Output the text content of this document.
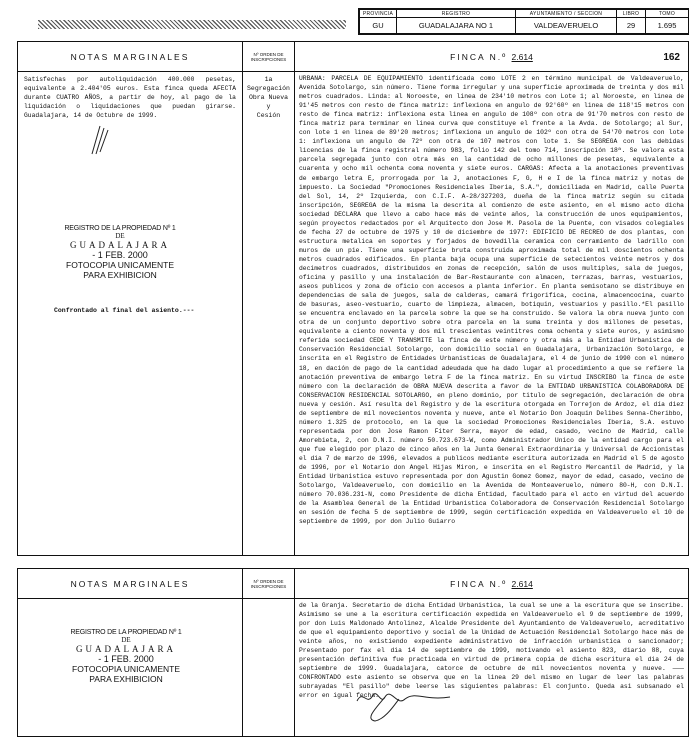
PROVINCIA	REGISTRO	AYUNTAMIENTO / SECCION	LIBRO	TOMO
GU	GUADALAJARA NO 1	VALDEAVERUELO	29	1.695
NOTAS MARGINALES
Satisfechas por autoliquidación 400.000 pesetas, equivalente a 2.404'05 euros. Esta finca queda AFECTA durante CUATRO AÑOS, a partir de hoy, al pago de la liquidación o liquidaciones que puedan girarse. Guadalajara, 14 de Octubre de 1999.
REGISTRO DE LA PROPIEDAD Nº 1
DE
GUADALAJARA
- 1 FEB. 2000
FOTOCOPIA UNICAMENTE
PARA EXHIBICION
Confrontado al final del asiento.---
Nº ORDEN DE INSCRIPCIONES
1a
Segregación
Obra Nueva
y
Cesión
FINCA N.º 2.614	162
URBANA: PARCELA DE EQUIPAMIENTO identificada como LOTE 2 en término municipal de Valdeaveruelo, Avenida Sotolargo, sin número. Tiene forma irregular y una superficie aproximada de treinta y dos mil metros cuadrados. Linda: al Noroeste, en linea de 234'10 metros con Lote 1; al Noroeste, en linea de 91'45 metros con resto de finca matriz: inflexiona en angulo de 92'60º en linea de 118'15 metros con resto de finca matriz: inflexiona esta linea en angulo de 108º con otra de 91'70 metros con resto de finca matriz para terminar en linea curva que constituye el frente a la Avda. de Sotolargo; al Sur, con lote 1 en linea de 89'20 metros; inflexiona un angulo de 102º con otra de 54'70 metros con lote 1: inflexiona un angulo de 72º con otra de 107 metros con lote 1. Se SEGREGA con las debidas licencias de la finca registral número 983, folio 142 del tomo 714, inscripción 18ª. Se valora esta parcela segregada junto con otra más en la cantidad de ocho millones de pesetas, equivalente a cuarenta y ocho mil ochenta coma noventa y siete euros. CARGAS: Afecta a la anotaciones preventivas de embargo letra E, prorrogada por la J, anotaciones F, G, H e I de la finca matriz y notas de impuesto. La Sociedad "Promociones Residenciales Iberia, S.A.", domiciliada en Madrid, calle Puerta del Sol, 14, 2º Izquierda, con C.I.F. A-28/327203, dueña de la finca matriz según su citada inscripción, SEGREGA de la misma la descrita al comienzo de este asiento, en el mismo acto dicha sociedad DECLARA que llevo a cabo hace más de veinte años, la construcción de unos equipamientos, según proyectos redactados por el Arquitecto don Jose M. Pasola de la Puente, con visados colegiales de fecha 27 de octubre de 1975 y 10 de diciembre de 1977: EDIFICIO DE RECREO de dos plantas, con estructura metalica en soportes y forjados de bovedilla ceramica con cerramiento de ladrillo con muros de un pie. Tiene una superficie bruta construida aproximada total de mil doscientos ochenta metros cuadrados edificados. En planta baja ocupa una superficie de setecientos veinte metros y dos decimetros cuadrados, distribuidos en zonas de recepción, salón de usos multiples, sala de juegos, oficina y pasillo y una instalación de Bar-Restaurante con almacen, terrazas, barras, vestuarios, aseos publicos y zona de oficio con accesos a planta inferior. En planta semisotano se distribuye en dependencias de sala de juegos, sala de calderas, camará frigorifica, cocina, almacencocina, cuarto de basuras, aseo-vestuario, cuarto de limpieza, almacen, botiquin, vestuarios y pasillo.*El pasillo se encuentra enclavado en la parcela sobre la que se ha construido. Se valora la obra nueva junto con otra de un conjunto deportivo sobre otra parcela en la suma treinta y dos millones de pesetas, equivalente a ciento noventa y dos mil trescientas veintitres coma ochenta y siete euros, y asimismo referida sociedad CEDE Y TRANSMITE la finca de este número y otra más a la Entidad Urbanistica de Conservación Residencial Sotolargo, con domicilio social en Guadalajara, Urbanización Sotolargo, e inscrita en el Registro de Entidades Urbanisticas de Guadalajara, el 4 de junio de 1990 con el número 18, en dación de pago de la cantidad adeudada que ha dado lugar al procedimiento a que se refiere la anotación preventiva de embargo letra F de la finca matriz. En su virtud INSCRIBO la finca de este número con la declaración de OBRA NUEVA descrita a favor de la ENTIDAD URBANISTICA COLABORADORA DE CONSERVACION RESIDENCIAL SOTOLARGO, en pleno dominio, por titulo de segregación, declaración de obra nueva y cesión. Así resulta del Registro y de la escritura otorgada en Torrejon de Ardoz, el día diez de septiembre de mil novecientos noventa y nueve, ante el Notario Don Joaquin Delibes Senna-Cheribbo, número 1.325 de protocolo, en la que la sociedad Promociones Residenciales Iberia, S.A. estuvo representada por don Jose Ramon Fiter Serra, mayor de edad, casado, vecino de Madrid, calle Amorebieta, 2, con D.N.I. número 50.723.673-W, como Administrador Unico de la entidad cargo para el que fue elegido por plazo de cinco años en la Junta General Extraordinaria y Universal de Accionistas el dia 7 de marzo de 1996, elevados a publicos mediante escritura autorizada en Madrid el 5 de agosto de 1996, por el Notario don Angel Hijas Miron, e inscrita en el Registro Mercantil de Madrid, y la Entidad Urbanistica estuvo representada por don Agustin Gomez Gomez, mayor de edad, casado, vecino de Sotolargo, Valdeaveruelo, con domicilio en la Avenida de Monteaveruelo, número 80-H, con D.N.I. número 70.036.231-N, como Presidente de dicha Entidad, facultado para el acto en virtud del acuerdo de la Asamblea General de la Entidad Urbanistica Colaboradora de Conservación Residencial Sotolargo en sesión de fecha 5 de septiembre de 1999, según certificación expedida en Valdeaveruelo el 10 de septiembre de 1999, por don Julio Guiarro
NOTAS MARGINALES
REGISTRO DE LA PROPIEDAD Nº 1
DE
GUADALAJARA
- 1 FEB. 2000
FOTOCOPIA UNICAMENTE
PARA EXHIBICION
Nº ORDEN DE INSCRIPCIONES	FINCA N.º 2.614
de la Granja. Secretario de dicha Entidad Urbanistica, la cual se une a la escritura que se inscribe. Asimismo se une a la escritura certificación expedida en Valdeaveruelo el 9 de septiembre de 1999, por don Luis Maldonado Antolinez, Alcalde Presidente del Ayuntamiento de Valdeaveruelo, acreditativo de que el equipamiento deportivo y social de la Unidad de Actuación Residencial Sotolargo hace más de veinte años, no existiendo expediente administrativo de infracción urbanistica o sancionador; Presentado por fax el dia 14 de septiembre de 1999, motivando el asiento 823, diario 88, cuya presentación definitiva fue practicada en virtud de primera copia de dicha escritura el dia 24 de septiembre de 1999. Guadalajara, catorce de octubre de mil novecientos noventa y nueve. ——— CONFRONTADO este asiento se observa que en la linea 29 del mismo en lugar de leer las palabras subrayadas "El pasillo" debe leerse las siguientes palabras: El conjunto. Queda asi subsanado el error en igual fecha.
